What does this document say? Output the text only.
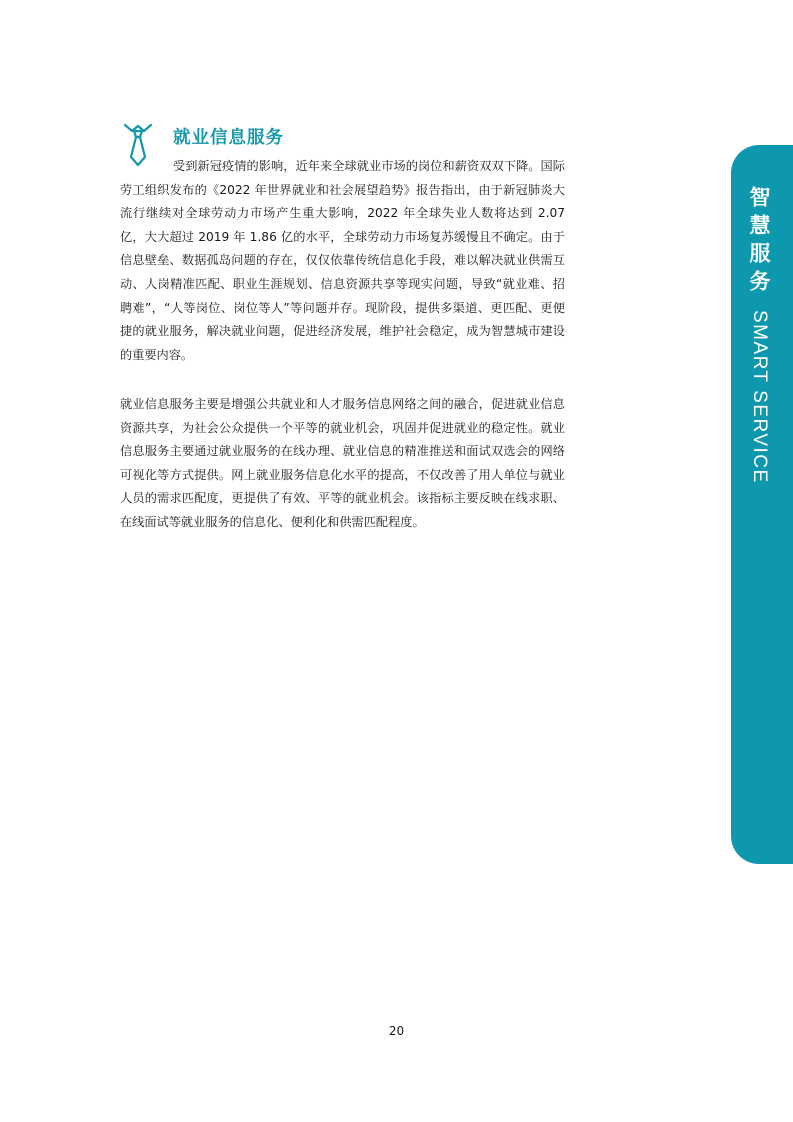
就业信息服务

受到新冠疫情的影响，近年来全球就业市场的岗位和薪资双双下降。国际劳工组织发布的《2022 年世界就业和社会展望趋势》报告指出，由于新冠肺炎大流行继续对全球劳动力市场产生重大影响，2022 年全球失业人数将达到 2.07 亿，大大超过 2019 年 1.86 亿的水平，全球劳动力市场复苏缓慢且不确定。由于信息壁垒、数据孤岛问题的存在，仅仅依靠传统信息化手段，难以解决就业供需互动、人岗精准匹配、职业生涯规划、信息资源共享等现实问题，导致“就业难、招聘难”，“人等岗位、岗位等人”等问题并存。现阶段，提供多渠道、更匹配、更便捷的就业服务，解决就业问题，促进经济发展，维护社会稳定，成为智慧城市建设的重要内容。

就业信息服务主要是增强公共就业和人才服务信息网络之间的融合，促进就业信息资源共享，为社会公众提供一个平等的就业机会，巩固并促进就业的稳定性。就业信息服务主要通过就业服务的在线办理、就业信息的精准推送和面试双选会的网络可视化等方式提供。网上就业服务信息化水平的提高，不仅改善了用人单位与就业人员的需求匹配度，更提供了有效、平等的就业机会。该指标主要反映在线求职、在线面试等就业服务的信息化、便利化和供需匹配程度。

20
智慧服务SMART SERVICE
